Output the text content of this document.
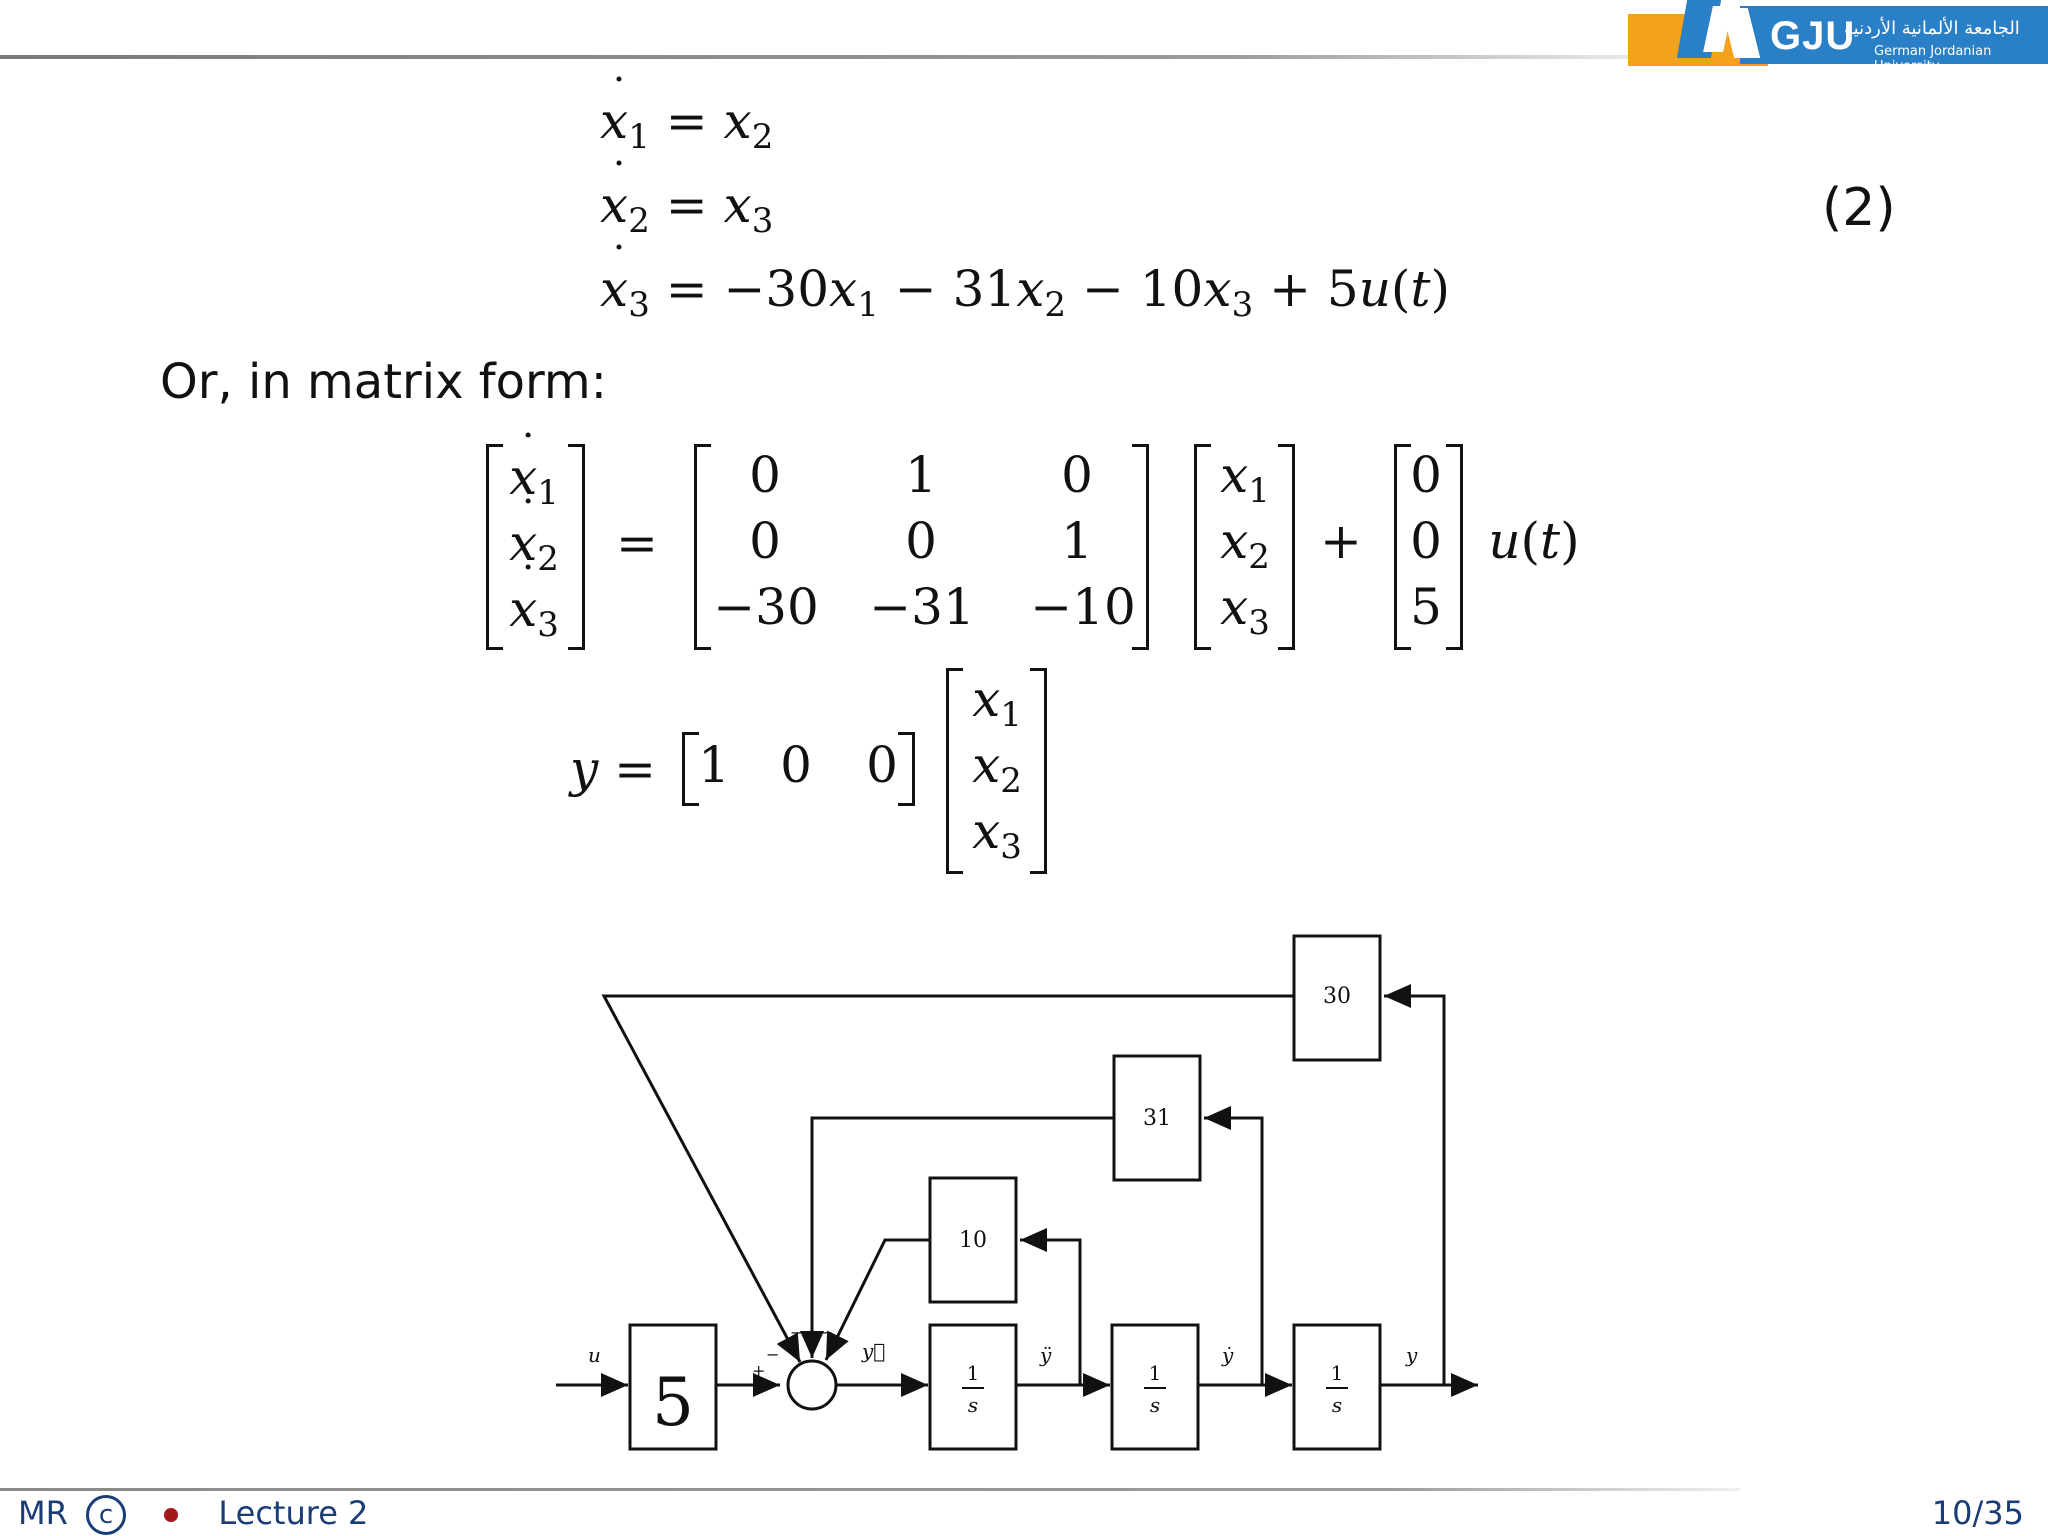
GJU
الجامعة الألمانية الأردنية
German Jordanian University
˙ $x_1 = x_2$
˙ $x_2 = x_3$
˙ $x_3 = -30x_1 - 31x_2 - 10x_3 + 5u(t)$
(2)
Or, in matrix form:
˙ $x_1$
˙ $x_2$
˙ $x_3$
=
0	1	0
0	0	1
−30 −31 −10
$x_1$
$x_2$
$x_3$
+
0
0
5
u(t)
y = 1 0 0
$x_1$
$x_2$
$x_3$
5
10
31
30
1
s
1
s
1
s
u	y⃛	ÿ	ẏ	y
+
−
− −
MR c	Lecture 2	10/35
